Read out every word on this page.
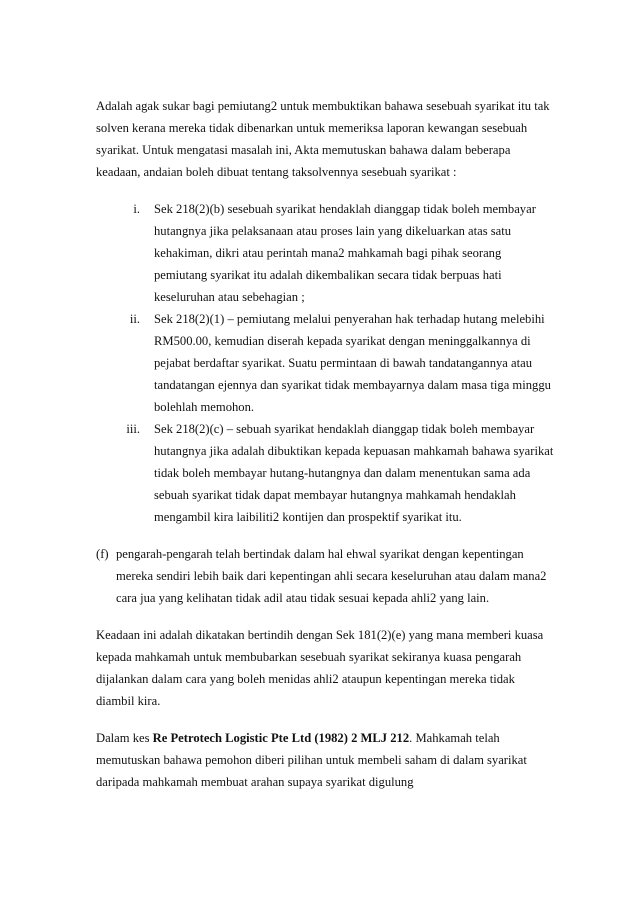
Adalah agak sukar bagi pemiutang2 untuk membuktikan bahawa sesebuah syarikat itu tak solven kerana mereka tidak dibenarkan untuk memeriksa laporan kewangan sesebuah syarikat. Untuk mengatasi masalah ini, Akta memutuskan bahawa dalam beberapa keadaan, andaian boleh dibuat tentang taksolvennya sesebuah syarikat :

i.	Sek 218(2)(b) sesebuah syarikat hendaklah dianggap tidak boleh membayar hutangnya jika pelaksanaan atau proses lain yang dikeluarkan atas satu kehakiman, dikri atau perintah mana2 mahkamah bagi pihak seorang pemiutang syarikat itu adalah dikembalikan secara tidak berpuas hati keseluruhan atau sebehagian ;
ii.	Sek 218(2)(1) – pemiutang melalui penyerahan hak terhadap hutang melebihi RM500.00, kemudian diserah kepada syarikat dengan meninggalkannya di pejabat berdaftar syarikat. Suatu permintaan di bawah tandatangannya atau tandatangan ejennya dan syarikat tidak membayarnya dalam masa tiga minggu bolehlah memohon.
iii.	Sek 218(2)(c) – sebuah syarikat hendaklah dianggap tidak boleh membayar hutangnya jika adalah dibuktikan kepada kepuasan mahkamah bahawa syarikat tidak boleh membayar hutang-hutangnya dan dalam menentukan sama ada sebuah syarikat tidak dapat membayar hutangnya mahkamah hendaklah mengambil kira laibiliti2 kontijen dan prospektif syarikat itu.
(f) pengarah-pengarah telah bertindak dalam hal ehwal syarikat dengan kepentingan mereka sendiri lebih baik dari kepentingan ahli secara keseluruhan atau dalam mana2 cara jua yang kelihatan tidak adil atau tidak sesuai kepada ahli2 yang lain.

Keadaan ini adalah dikatakan bertindih dengan Sek 181(2)(e) yang mana memberi kuasa kepada mahkamah untuk membubarkan sesebuah syarikat sekiranya kuasa pengarah dijalankan dalam cara yang boleh menidas ahli2 ataupun kepentingan mereka tidak diambil kira.

Dalam kes Re Petrotech Logistic Pte Ltd (1982) 2 MLJ 212. Mahkamah telah memutuskan bahawa pemohon diberi pilihan untuk membeli saham di dalam syarikat daripada mahkamah membuat arahan supaya syarikat digulung
